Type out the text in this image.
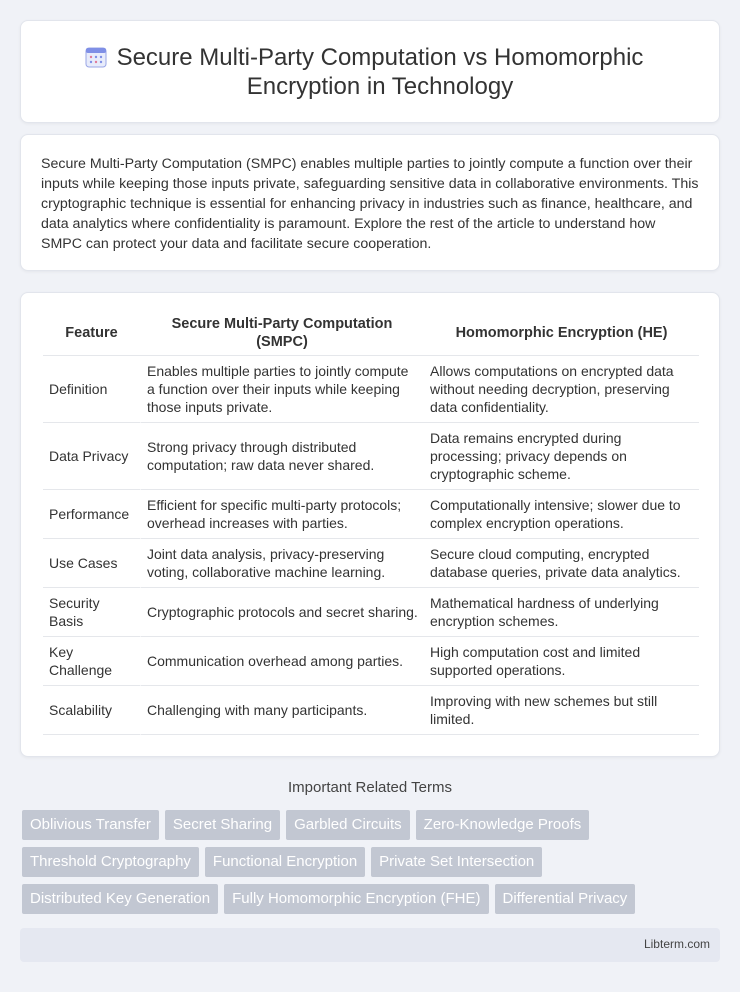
Secure Multi-Party Computation vs Homomorphic Encryption in Technology

Secure Multi-Party Computation (SMPC) enables multiple parties to jointly compute a function over their inputs while keeping those inputs private, safeguarding sensitive data in collaborative environments. This cryptographic technique is essential for enhancing privacy in industries such as finance, healthcare, and data analytics where confidentiality is paramount. Explore the rest of the article to understand how SMPC can protect your data and facilitate secure cooperation.

Feature	Secure Multi-Party Computation (SMPC)	Homomorphic Encryption (HE)
Definition	Enables multiple parties to jointly compute a function over their inputs while keeping those inputs private.	Allows computations on encrypted data without needing decryption, preserving data confidentiality.
Data Privacy	Strong privacy through distributed computation; raw data never shared.	Data remains encrypted during processing; privacy depends on cryptographic scheme.
Performance	Efficient for specific multi-party protocols; overhead increases with parties.	Computationally intensive; slower due to complex encryption operations.
Use Cases	Joint data analysis, privacy-preserving voting, collaborative machine learning.	Secure cloud computing, encrypted database queries, private data analytics.
Security Basis	Cryptographic protocols and secret sharing.	Mathematical hardness of underlying encryption schemes.
Key Challenge	Communication overhead among parties.	High computation cost and limited supported operations.
Scalability	Challenging with many participants.	Improving with new schemes but still limited.
Important Related Terms
Oblivious Transfer	Secret Sharing	Garbled Circuits	Zero-Knowledge Proofs
Threshold Cryptography	Functional Encryption	Private Set Intersection
Distributed Key Generation	Fully Homomorphic Encryption (FHE)	Differential Privacy
Libterm.com
